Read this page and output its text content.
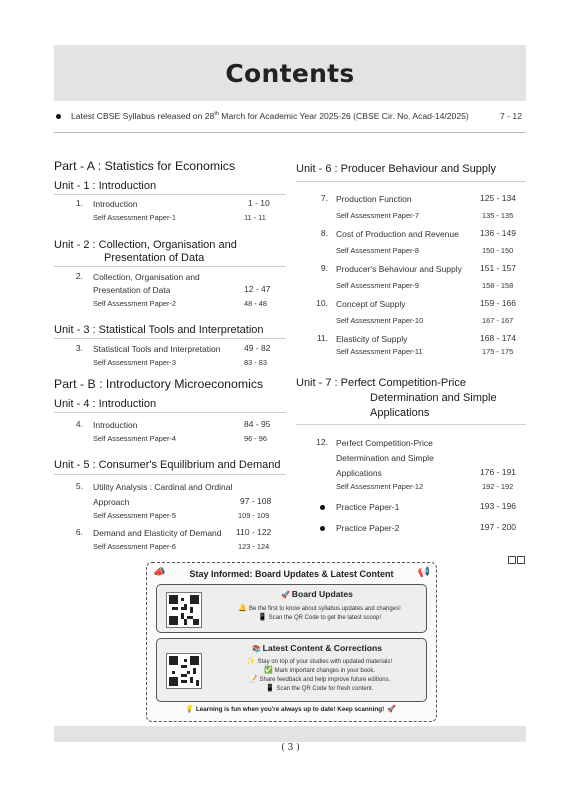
Contents
Latest CBSE Syllabus released on 28th March for Academic Year 2025-26 (CBSE Cir. No. Acad-14/2025)	7 - 12
Part - A : Statistics for Economics
Unit - 1 : Introduction
1. Introduction	1 - 10
Self Assessment Paper-1	11 - 11
Unit - 2 : Collection, Organisation and
Presentation of Data
2. Collection, Organisation and
Presentation of Data	12 - 47
Self Assessment Paper-2	48 - 48
Unit - 3 : Statistical Tools and Interpretation
3. Statistical Tools and Interpretation	49 - 82
Self Assessment Paper-3	83 - 83
Part - B : Introductory Microeconomics
Unit - 4 : Introduction
4. Introduction	84 - 95
Self Assessment Paper-4	96 - 96
Unit - 5 : Consumer's Equilibrium and Demand
5. Utility Analysis : Cardinal and Ordinal
Approach	97 - 108
Self Assessment Paper-5	109 - 109
6. Demand and Elasticity of Demand 110 - 122
Self Assessment Paper-6	123 - 124
Unit - 6 : Producer Behaviour and Supply
7. Production Function	125 - 134
Self Assessment Paper-7	135 - 135
8. Cost of Production and Revenue 136 - 149
Self Assessment Paper-8	150 - 150
9. Producer's Behaviour and Supply 151 - 157
Self Assessment Paper-9	158 - 158
10. Concept of Supply	159 - 166
Self Assessment Paper-10	167 - 167
11. Elasticity of Supply	168 - 174
Self Assessment Paper-11	175 - 175
Unit - 7 : Perfect Competition-Price
Determination and Simple
Applications
12. Perfect Competition-Price
Determination and Simple
Applications	176 - 191
Self Assessment Paper-12	192 - 192
Practice Paper-1	193 - 196
Practice Paper-2	197 - 200
Stay Informed: Board Updates & Latest Content
📣	📢
🚀 Board Updates
🔔 Be the first to know about syllabus updates and changes!
📱 Scan the QR Code to get the latest scoop!
📚 Latest Content & Corrections
✨ Stay on top of your studies with updated materials!
✅ Mark important changes in your book.
📝 Share feedback and help improve future editions.
📱 Scan the QR Code for fresh content.
💡 Learning is fun when you're always up to date! Keep scanning! 🚀
( 3 )
